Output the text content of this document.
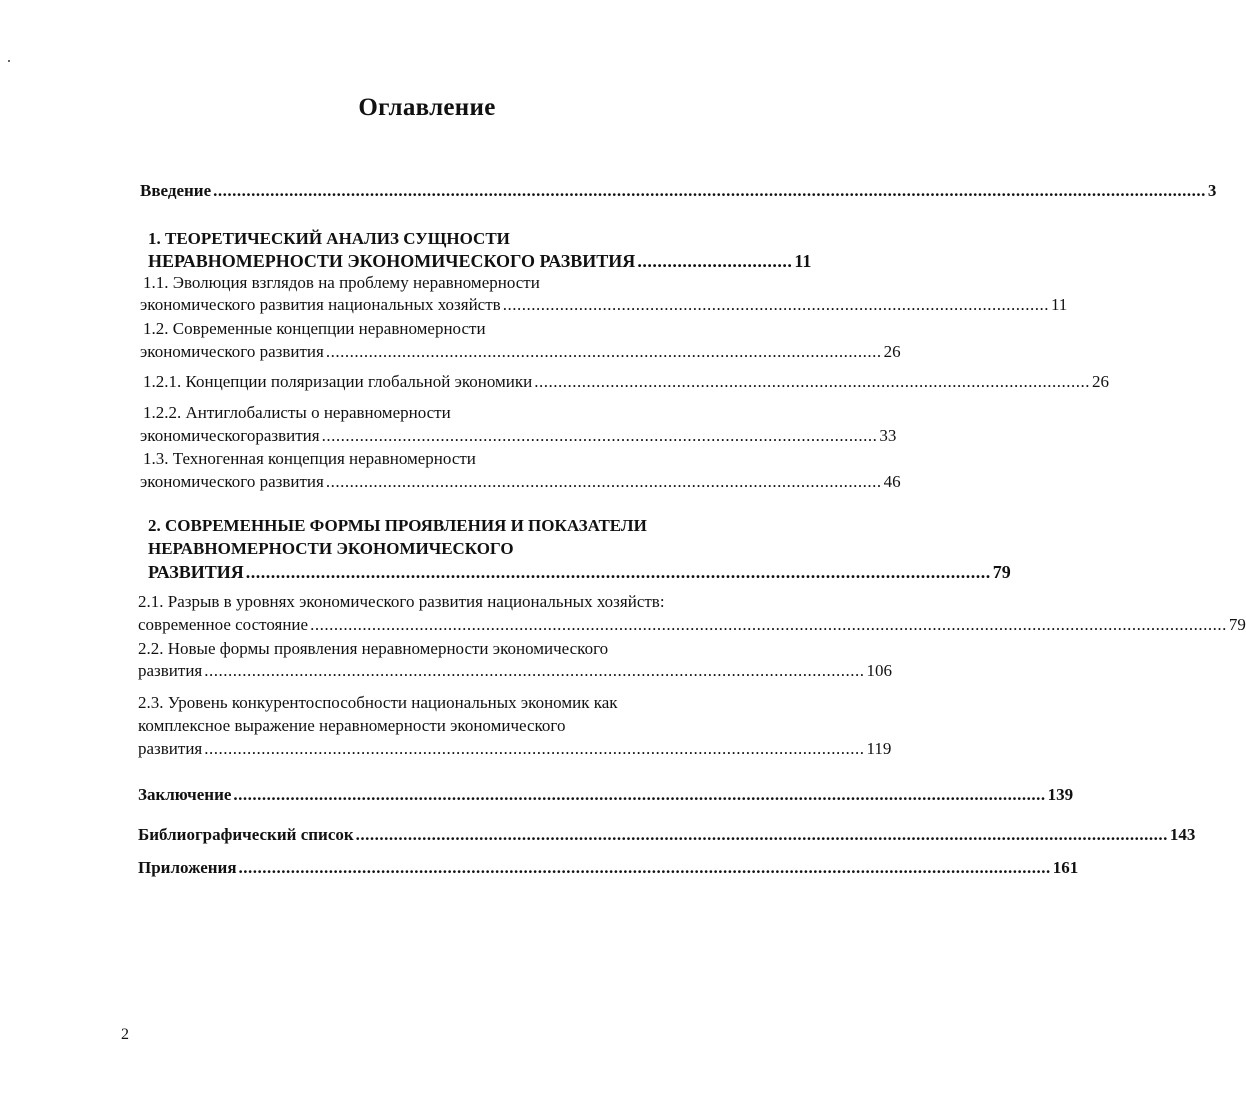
Оглавление
Введение ................................................................................................................................................................................................................. 3
1. ТЕОРЕТИЧЕСКИЙ АНАЛИЗ СУЩНОСТИ
НЕРАВНОМЕРНОСТИ ЭКОНОМИЧЕСКОГО РАЗВИТИЯ ............................... 11
1.1. Эволюция взглядов на проблему неравномерности
экономического развития национальных хозяйств ................................................................................................................... 11
1.2. Современные концепции неравномерности
экономического развития ..................................................................................................................... 26
1.2.1. Концепции поляризации глобальной экономики ..................................................................................................................... 26
1.2.2. Антиглобалисты о неравномерности
экономическогоразвития ..................................................................................................................... 33
1.3. Техногенная концепция неравномерности
экономического развития ..................................................................................................................... 46
2. СОВРЕМЕННЫЕ ФОРМЫ ПРОЯВЛЕНИЯ И ПОКАЗАТЕЛИ
НЕРАВНОМЕРНОСТИ ЭКОНОМИЧЕСКОГО
РАЗВИТИЯ ..................................................................................................................................................... 79
2.1. Разрыв в уровнях экономического развития национальных хозяйств:
современное состояние ................................................................................................................................................................................................. 79
2.2. Новые формы проявления неравномерности экономического
развития ........................................................................................................................................... 106
2.3. Уровень конкурентоспособности национальных экономик как
комплексное выражение неравномерности экономического
развития ........................................................................................................................................... 119
Заключение ........................................................................................................................................................................... 139
Библиографический список ........................................................................................................................................................................... 143
Приложения ........................................................................................................................................................................... 161
2
